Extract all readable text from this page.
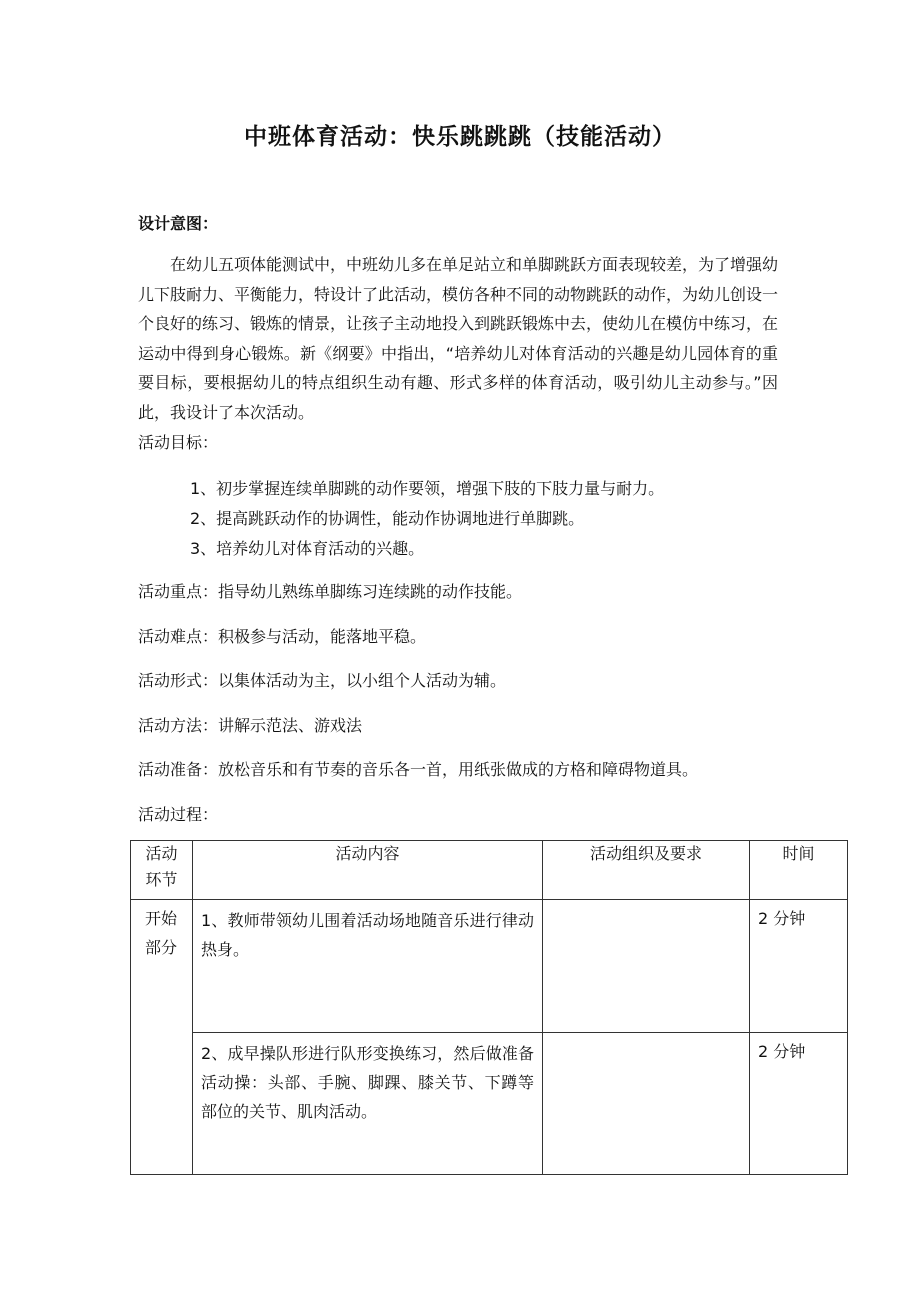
中班体育活动：快乐跳跳跳（技能活动）

设计意图：

在幼儿五项体能测试中，中班幼儿多在单足站立和单脚跳跃方面表现较差，为了增强幼儿下肢耐力、平衡能力，特设计了此活动，模仿各种不同的动物跳跃的动作，为幼儿创设一个良好的练习、锻炼的情景，让孩子主动地投入到跳跃锻炼中去，使幼儿在模仿中练习，在运动中得到身心锻炼。新《纲要》中指出，“培养幼儿对体育活动的兴趣是幼儿园体育的重要目标，要根据幼儿的特点组织生动有趣、形式多样的体育活动，吸引幼儿主动参与。”因此，我设计了本次活动。

活动目标：

1、初步掌握连续单脚跳的动作要领，增强下肢的下肢力量与耐力。

2、提高跳跃动作的协调性，能动作协调地进行单脚跳。

3、培养幼儿对体育活动的兴趣。

活动重点：指导幼儿熟练单脚练习连续跳的动作技能。

活动难点：积极参与活动，能落地平稳。

活动形式：以集体活动为主，以小组个人活动为辅。

活动方法：讲解示范法、游戏法

活动准备：放松音乐和有节奏的音乐各一首，用纸张做成的方格和障碍物道具。

活动过程：

活动
环节	活动内容	活动组织及要求	时间
开始
部分	1、教师带领幼儿围着活动场地随音乐进行律动热身。		2 分钟
	2、成早操队形进行队形变换练习，然后做准备活动操：头部、手腕、脚踝、膝关节、下蹲等部位的关节、肌肉活动。		2 分钟
